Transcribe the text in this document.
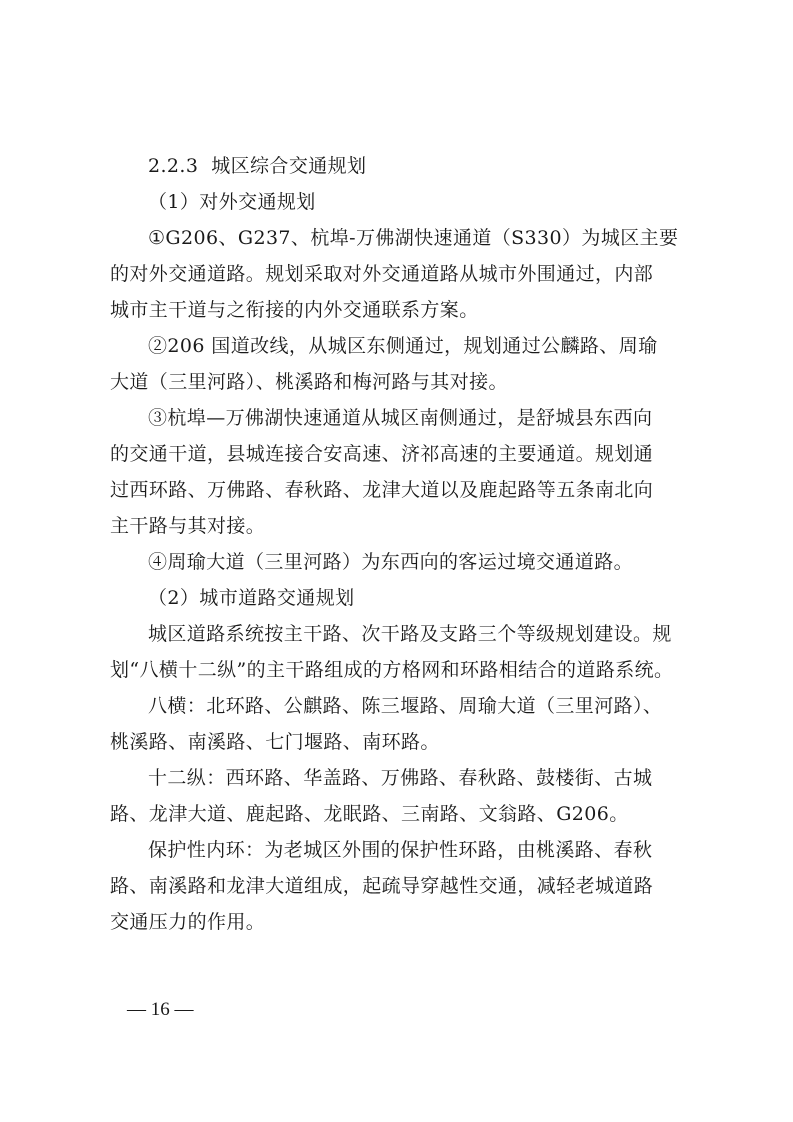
2.2.3  城区综合交通规划

（1）对外交通规划

①G206、G237、杭埠-万佛湖快速通道（S330）为城区主要

的对外交通道路。规划采取对外交通道路从城市外围通过，内部

城市主干道与之衔接的内外交通联系方案。

②206 国道改线，从城区东侧通过，规划通过公麟路、周瑜

大道（三里河路）、桃溪路和梅河路与其对接。

③杭埠—万佛湖快速通道从城区南侧通过，是舒城县东西向

的交通干道，县城连接合安高速、济祁高速的主要通道。规划通

过西环路、万佛路、春秋路、龙津大道以及鹿起路等五条南北向

主干路与其对接。

④周瑜大道（三里河路）为东西向的客运过境交通道路。

（2）城市道路交通规划

城区道路系统按主干路、次干路及支路三个等级规划建设。规

划“八横十二纵”的主干路组成的方格网和环路相结合的道路系统。

八横：北环路、公麒路、陈三堰路、周瑜大道（三里河路）、

桃溪路、南溪路、七门堰路、南环路。

十二纵：西环路、华盖路、万佛路、春秋路、鼓楼街、古城

路、龙津大道、鹿起路、龙眠路、三南路、文翁路、G206。

保护性内环：为老城区外围的保护性环路，由桃溪路、春秋

路、南溪路和龙津大道组成，起疏导穿越性交通，减轻老城道路

交通压力的作用。

— 16 —
